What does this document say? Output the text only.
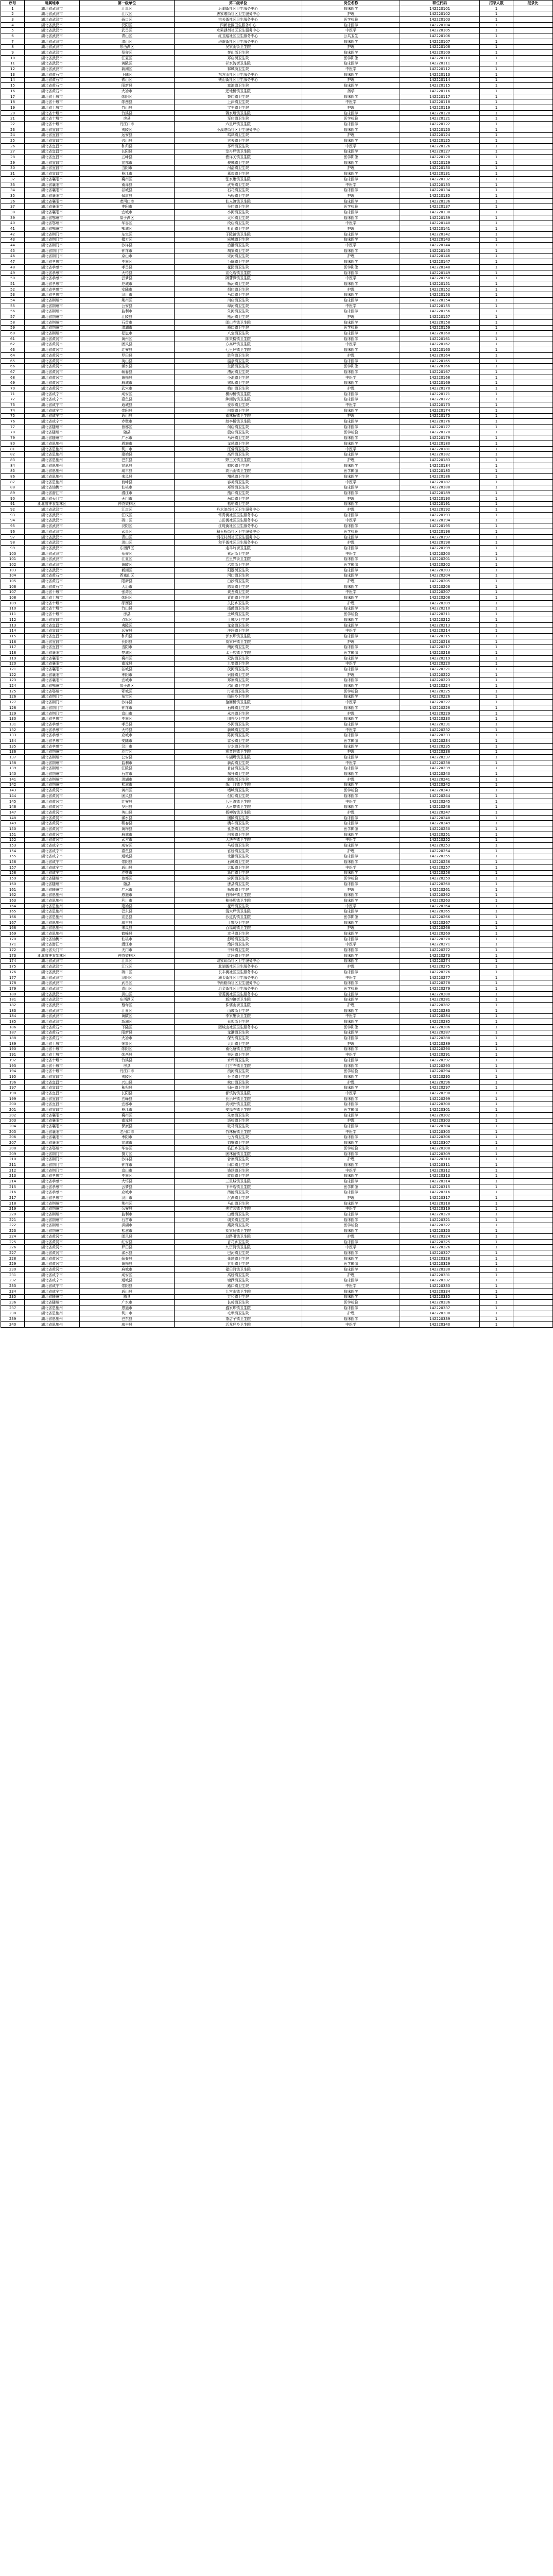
序号	所属地市	第一级单位	第二级单位	岗位名称	职位代码	招录人数	报录比
1	湖北省武汉市	江岸区	后湖街社区卫生服务中心	临床医学	142220101	1	
2	湖北省武汉市	江汉区	唐家墩街社区卫生服务中心	护理	142220102	1	
3	湖北省武汉市	硚口区	宗关街社区卫生服务中心	医学检验	142220103	1	
4	湖北省武汉市	汉阳区	四新社区卫生服务中心	临床医学	142220104	1	
5	湖北省武汉市	武昌区	水果湖街社区卫生服务中心	中医学	142220105	1	
6	湖北省武汉市	青山区	红卫路社区卫生服务中心	公共卫生	142220106	1	
7	湖北省武汉市	洪山区	珞南街社区卫生服务中心	临床医学	142220107	1	
8	湖北省武汉市	东西湖区	吴家山街卫生院	护理	142220108	1	
9	湖北省武汉市	蔡甸区	奓山街卫生院	临床医学	142220109	1	
10	湖北省武汉市	江夏区	郑店街卫生院	医学影像	142220110	1	
11	湖北省武汉市	黄陂区	祁家湾街卫生院	临床医学	142220111	1	
12	湖北省武汉市	新洲区	邾城街卫生院	中医学	142220112	1	
13	湖北省黄石市	下陆区	东方山社区卫生服务中心	临床医学	142220113	1	
14	湖北省黄石市	铁山区	铁山街社区卫生服务中心	护理	142220114	1	
15	湖北省黄石市	阳新县	富池镇卫生院	临床医学	142220115	1	
16	湖北省黄石市	大冶市	还地桥镇卫生院	药学	142220116	1	
17	湖北省十堰市	郧阳区	茶店镇卫生院	临床医学	142220117	1	
18	湖北省十堰市	郧西县	上津镇卫生院	中医学	142220118	1	
19	湖北省十堰市	竹山县	宝丰镇卫生院	护理	142220119	1	
20	湖北省十堰市	竹溪县	蒋家堰镇卫生院	临床医学	142220120	1	
21	湖北省十堰市	房县	军店镇卫生院	医学检验	142220121	1	
22	湖北省十堰市	丹江口市	六里坪镇卫生院	临床医学	142220122	1	
23	湖北省宜昌市	夷陵区	小溪塔街社区卫生服务中心	临床医学	142220123	1	
24	湖北省宜昌市	远安县	鸣凤镇卫生院	护理	142220124	1	
25	湖北省宜昌市	兴山县	古夫镇卫生院	临床医学	142220125	1	
26	湖北省宜昌市	秭归县	茅坪镇卫生院	中医学	142220126	1	
27	湖北省宜昌市	长阳县	龙舟坪镇卫生院	临床医学	142220127	1	
28	湖北省宜昌市	五峰县	渔洋关镇卫生院	医学影像	142220128	1	
29	湖北省宜昌市	宜都市	枝城镇卫生院	临床医学	142220129	1	
30	湖北省宜昌市	当阳市	河溶镇卫生院	护理	142220130	1	
31	湖北省宜昌市	枝江市	董市镇卫生院	临床医学	142220131	1	
32	湖北省襄阳市	襄州区	张家集镇卫生院	临床医学	142220132	1	
33	湖北省襄阳市	南漳县	武安镇卫生院	中医学	142220133	1	
34	湖北省襄阳市	谷城县	石花镇卫生院	临床医学	142220134	1	
35	湖北省襄阳市	保康县	马桥镇卫生院	护理	142220135	1	
36	湖北省襄阳市	老河口市	仙人渡镇卫生院	临床医学	142220136	1	
37	湖北省襄阳市	枣阳市	吴店镇卫生院	医学检验	142220137	1	
38	湖北省襄阳市	宜城市	小河镇卫生院	临床医学	142220138	1	
39	湖北省鄂州市	梁子湖区	太和镇卫生院	临床医学	142220139	1	
40	湖北省鄂州市	华容区	段店镇卫生院	中医学	142220140	1	
41	湖北省鄂州市	鄂城区	杜山镇卫生院	护理	142220141	1	
42	湖北省荆门市	东宝区	子陵铺镇卫生院	临床医学	142220142	1	
43	湖北省荆门市	掇刀区	麻城镇卫生院	临床医学	142220143	1	
44	湖北省荆门市	沙洋县	后港镇卫生院	中医学	142220144	1	
45	湖北省荆门市	钟祥市	胡集镇卫生院	临床医学	142220145	1	
46	湖北省荆门市	京山市	宋河镇卫生院	护理	142220146	1	
47	湖北省孝感市	孝南区	毛陈镇卫生院	临床医学	142220147	1	
48	湖北省孝感市	孝昌县	花园镇卫生院	医学影像	142220148	1	
49	湖北省孝感市	大悟县	宣化店镇卫生院	临床医学	142220149	1	
50	湖北省孝感市	云梦县	隔蒲潭镇卫生院	中医学	142220150	1	
51	湖北省孝感市	应城市	杨河镇卫生院	临床医学	142220151	1	
52	湖北省孝感市	安陆市	烟店镇卫生院	护理	142220152	1	
53	湖北省孝感市	汉川市	马口镇卫生院	临床医学	142220153	1	
54	湖北省荆州市	荆州区	川店镇卫生院	临床医学	142220154	1	
55	湖北省荆州市	公安县	埠河镇卫生院	中医学	142220155	1	
56	湖北省荆州市	监利市	朱河镇卫生院	临床医学	142220156	1	
57	湖北省荆州市	江陵县	熊河镇卫生院	护理	142220157	1	
58	湖北省荆州市	石首市	团山寺镇卫生院	临床医学	142220158	1	
59	湖北省荆州市	洪湖市	峰口镇卫生院	医学检验	142220159	1	
60	湖北省荆州市	松滋市	八宝镇卫生院	临床医学	142220160	1	
61	湖北省黄冈市	黄州区	陈策楼镇卫生院	临床医学	142220161	1	
62	湖北省黄冈市	团风县	方高坪镇卫生院	中医学	142220162	1	
63	湖北省黄冈市	红安县	七里坪镇卫生院	临床医学	142220163	1	
64	湖北省黄冈市	罗田县	胜利镇卫生院	护理	142220164	1	
65	湖北省黄冈市	英山县	温泉镇卫生院	临床医学	142220165	1	
66	湖北省黄冈市	浠水县	兰溪镇卫生院	医学影像	142220166	1	
67	湖北省黄冈市	蕲春县	漕河镇卫生院	临床医学	142220167	1	
68	湖北省黄冈市	黄梅县	小池镇卫生院	中医学	142220168	1	
69	湖北省黄冈市	麻城市	宋埠镇卫生院	临床医学	142220169	1	
70	湖北省黄冈市	武穴市	梅川镇卫生院	护理	142220170	1	
71	湖北省咸宁市	咸安区	横沟桥镇卫生院	临床医学	142220171	1	
72	湖北省咸宁市	嘉鱼县	簰洲湾镇卫生院	临床医学	142220172	1	
73	湖北省咸宁市	通城县	麦市镇卫生院	中医学	142220173	1	
74	湖北省咸宁市	崇阳县	白霓镇卫生院	临床医学	142220174	1	
75	湖北省咸宁市	通山县	南林桥镇卫生院	护理	142220175	1	
76	湖北省咸宁市	赤壁市	赵李桥镇卫生院	临床医学	142220176	1	
77	湖北省随州市	曾都区	何店镇卫生院	临床医学	142220177	1	
78	湖北省随州市	随县	殷店镇卫生院	医学检验	142220178	1	
79	湖北省随州市	广水市	马坪镇卫生院	临床医学	142220179	1	
80	湖北省恩施州	恩施市	龙凤镇卫生院	临床医学	142220180	1	
81	湖北省恩施州	利川市	汪营镇卫生院	中医学	142220181	1	
82	湖北省恩施州	建始县	高坪镇卫生院	临床医学	142220182	1	
83	湖北省恩施州	巴东县	野三关镇卫生院	护理	142220183	1	
84	湖北省恩施州	宣恩县	椒园镇卫生院	临床医学	142220184	1	
85	湖北省恩施州	咸丰县	高乐山镇卫生院	医学影像	142220185	1	
86	湖北省恩施州	来凤县	翔凤镇卫生院	临床医学	142220186	1	
87	湖北省恩施州	鹤峰县	容美镇卫生院	中医学	142220187	1	
88	湖北省仙桃市	仙桃市	郑场镇卫生院	临床医学	142220188	1	
89	湖北省潜江市	潜江市	熊口镇卫生院	临床医学	142220189	1	
90	湖北省天门市	天门市	岳口镇卫生院	护理	142220190	1	
91	湖北省神农架林区	神农架林区	松柏镇卫生院	临床医学	142220191	1	
92	湖北省武汉市	江岸区	丹水池街社区卫生服务中心	护理	142220192	1	
93	湖北省武汉市	江汉区	常青街社区卫生服务中心	临床医学	142220193	1	
94	湖北省武汉市	硚口区	古田街社区卫生服务中心	中医学	142220194	1	
95	湖北省武汉市	汉阳区	江堤街社区卫生服务中心	临床医学	142220195	1	
96	湖北省武汉市	武昌区	积玉桥街社区卫生服务中心	医学检验	142220196	1	
97	湖北省武汉市	青山区	钢花村街社区卫生服务中心	临床医学	142220197	1	
98	湖北省武汉市	洪山区	和平街社区卫生服务中心	护理	142220198	1	
99	湖北省武汉市	东西湖区	走马岭街卫生院	临床医学	142220199	1	
100	湖北省武汉市	蔡甸区	索河街卫生院	中医学	142220200	1	
101	湖北省武汉市	江夏区	五里界街卫生院	临床医学	142220201	1	
102	湖北省武汉市	黄陂区	六指街卫生院	医学影像	142220202	1	
103	湖北省武汉市	新洲区	阳逻街卫生院	临床医学	142220203	1	
104	湖北省黄石市	西塞山区	河口镇卫生院	临床医学	142220204	1	
105	湖北省黄石市	阳新县	白沙镇卫生院	护理	142220205	1	
106	湖北省黄石市	大冶市	陈贵镇卫生院	临床医学	142220206	1	
107	湖北省十堰市	张湾区	黄龙镇卫生院	中医学	142220207	1	
108	湖北省十堰市	郧阳区	青曲镇卫生院	临床医学	142220208	1	
109	湖北省十堰市	郧西县	关防乡卫生院	护理	142220209	1	
110	湖北省十堰市	竹山县	擂鼓镇卫生院	临床医学	142220210	1	
111	湖北省十堰市	房县	土城镇卫生院	医学检验	142220211	1	
112	湖北省宜昌市	点军区	土城乡卫生院	临床医学	142220212	1	
113	湖北省宜昌市	夷陵区	龙泉镇卫生院	临床医学	142220213	1	
114	湖北省宜昌市	远安县	洋坪镇卫生院	中医学	142220214	1	
115	湖北省宜昌市	秭归县	郭家坝镇卫生院	临床医学	142220215	1	
116	湖北省宜昌市	长阳县	贺家坪镇卫生院	护理	142220216	1	
117	湖北省宜昌市	当阳市	两河镇卫生院	临床医学	142220217	1	
118	湖北省襄阳市	樊城区	太平店镇卫生院	医学影像	142220218	1	
119	湖北省襄阳市	襄州区	双沟镇卫生院	临床医学	142220219	1	
120	湖北省襄阳市	南漳县	九集镇卫生院	中医学	142220220	1	
121	湖北省襄阳市	谷城县	茨河镇卫生院	临床医学	142220221	1	
122	湖北省襄阳市	枣阳市	兴隆镇卫生院	护理	142220222	1	
123	湖北省襄阳市	宜城市	郑集镇卫生院	临床医学	142220223	1	
124	湖北省鄂州市	梁子湖区	沼山镇卫生院	临床医学	142220224	1	
125	湖北省鄂州市	鄂城区	汀祖镇卫生院	医学检验	142220225	1	
126	湖北省荆门市	东宝区	仙居乡卫生院	临床医学	142220226	1	
127	湖北省荆门市	沙洋县	拾回桥镇卫生院	中医学	142220227	1	
128	湖北省荆门市	钟祥市	石牌镇卫生院	临床医学	142220228	1	
129	湖北省荆门市	京山市	永兴镇卫生院	护理	142220229	1	
130	湖北省孝感市	孝南区	朋兴乡卫生院	临床医学	142220230	1	
131	湖北省孝感市	孝昌县	小河镇卫生院	临床医学	142220231	1	
132	湖北省孝感市	大悟县	新城镇卫生院	中医学	142220232	1	
133	湖北省孝感市	应城市	陈河镇卫生院	临床医学	142220233	1	
134	湖北省孝感市	安陆市	雷公镇卫生院	医学影像	142220234	1	
135	湖北省孝感市	汉川市	分水镇卫生院	临床医学	142220235	1	
136	湖北省荆州市	沙市区	观音垱镇卫生院	护理	142220236	1	
137	湖北省荆州市	公安县	斗湖堤镇卫生院	临床医学	142220237	1	
138	湖北省荆州市	监利市	新沟镇卫生院	中医学	142220238	1	
139	湖北省荆州市	江陵县	普济镇卫生院	临床医学	142220239	1	
140	湖北省荆州市	石首市	东升镇卫生院	临床医学	142220240	1	
141	湖北省荆州市	洪湖市	新堤街卫生院	护理	142220241	1	
142	湖北省荆州市	松滋市	纸厂河镇卫生院	临床医学	142220242	1	
143	湖北省黄冈市	黄州区	堵城镇卫生院	医学检验	142220243	1	
144	湖北省黄冈市	团风县	但店镇卫生院	临床医学	142220244	1	
145	湖北省黄冈市	红安县	八里湾镇卫生院	中医学	142220245	1	
146	湖北省黄冈市	罗田县	大河岸镇卫生院	临床医学	142220246	1	
147	湖北省黄冈市	英山县	杨柳湾镇卫生院	护理	142220247	1	
148	湖北省黄冈市	浠水县	团陂镇卫生院	临床医学	142220248	1	
149	湖北省黄冈市	蕲春县	横车镇卫生院	临床医学	142220249	1	
150	湖北省黄冈市	黄梅县	孔垄镇卫生院	医学影像	142220250	1	
151	湖北省黄冈市	麻城市	白果镇卫生院	临床医学	142220251	1	
152	湖北省黄冈市	武穴市	大法寺镇卫生院	中医学	142220252	1	
153	湖北省咸宁市	咸安区	马桥镇卫生院	临床医学	142220253	1	
154	湖北省咸宁市	嘉鱼县	官桥镇卫生院	护理	142220254	1	
155	湖北省咸宁市	通城县	北港镇卫生院	临床医学	142220255	1	
156	湖北省咸宁市	崇阳县	石城镇卫生院	临床医学	142220256	1	
157	湖北省咸宁市	通山县	大畈镇卫生院	中医学	142220257	1	
158	湖北省咸宁市	赤壁市	新店镇卫生院	临床医学	142220258	1	
159	湖北省随州市	曾都区	府河镇卫生院	医学检验	142220259	1	
160	湖北省随州市	随县	唐县镇卫生院	临床医学	142220260	1	
161	湖北省随州市	广水市	杨寨镇卫生院	护理	142220261	1	
162	湖北省恩施州	恩施市	白杨坪镇卫生院	临床医学	142220262	1	
163	湖北省恩施州	利川市	柏杨坝镇卫生院	临床医学	142220263	1	
164	湖北省恩施州	建始县	花坪镇卫生院	中医学	142220264	1	
165	湖北省恩施州	巴东县	清太坪镇卫生院	临床医学	142220265	1	
166	湖北省恩施州	宣恩县	沙道沟镇卫生院	医学影像	142220266	1	
167	湖北省恩施州	咸丰县	丁寨乡卫生院	临床医学	142220267	1	
168	湖北省恩施州	来凤县	百福司镇卫生院	护理	142220268	1	
169	湖北省恩施州	鹤峰县	走马镇卫生院	临床医学	142220269	1	
170	湖北省仙桃市	仙桃市	彭场镇卫生院	临床医学	142220270	1	
171	湖北省潜江市	潜江市	渔洋镇卫生院	中医学	142220271	1	
172	湖北省天门市	天门市	干驿镇卫生院	临床医学	142220272	1	
173	湖北省神农架林区	神农架林区	红坪镇卫生院	临床医学	142220273	1	
174	湖北省武汉市	江岸区	谌家矶街社区卫生服务中心	临床医学	142220274	1	
175	湖北省武汉市	江汉区	北湖街社区卫生服务中心	护理	142220275	1	
176	湖北省武汉市	硚口区	长丰街社区卫生服务中心	临床医学	142220276	1	
177	湖北省武汉市	汉阳区	洲头街社区卫生服务中心	中医学	142220277	1	
178	湖北省武汉市	武昌区	中南路街社区卫生服务中心	临床医学	142220278	1	
179	湖北省武汉市	青山区	冶金街社区卫生服务中心	医学检验	142220279	1	
180	湖北省武汉市	洪山区	青菱街社区卫生服务中心	临床医学	142220280	1	
181	湖北省武汉市	东西湖区	新沟镇街卫生院	临床医学	142220281	1	
182	湖北省武汉市	蔡甸区	侏儒山街卫生院	护理	142220282	1	
183	湖北省武汉市	江夏区	山坡街卫生院	临床医学	142220283	1	
184	湖北省武汉市	黄陂区	李家集街卫生院	中医学	142220284	1	
185	湖北省武汉市	新洲区	仓埠街卫生院	临床医学	142220285	1	
186	湖北省黄石市	下陆区	团城山社区卫生服务中心	医学影像	142220286	1	
187	湖北省黄石市	阳新县	龙港镇卫生院	临床医学	142220287	1	
188	湖北省黄石市	大冶市	保安镇卫生院	临床医学	142220288	1	
189	湖北省十堰市	茅箭区	大川镇卫生院	护理	142220289	1	
190	湖北省十堰市	郧阳区	南化塘镇卫生院	临床医学	142220290	1	
191	湖北省十堰市	郧西县	夹河镇卫生院	中医学	142220291	1	
192	湖北省十堰市	竹溪县	水坪镇卫生院	临床医学	142220292	1	
193	湖北省十堰市	房县	门古寺镇卫生院	临床医学	142220293	1	
194	湖北省十堰市	丹江口市	浪河镇卫生院	医学检验	142220294	1	
195	湖北省宜昌市	夷陵区	分乡镇卫生院	临床医学	142220295	1	
196	湖北省宜昌市	兴山县	峡口镇卫生院	护理	142220296	1	
197	湖北省宜昌市	秭归县	归州镇卫生院	临床医学	142220297	1	
198	湖北省宜昌市	长阳县	都镇湾镇卫生院	中医学	142220298	1	
199	湖北省宜昌市	五峰县	长乐坪镇卫生院	临床医学	142220299	1	
200	湖北省宜昌市	宜都市	高坝洲镇卫生院	临床医学	142220300	1	
201	湖北省宜昌市	枝江市	安福寺镇卫生院	医学影像	142220301	1	
202	湖北省襄阳市	襄州区	朱集镇卫生院	临床医学	142220302	1	
203	湖北省襄阳市	南漳县	巡检镇卫生院	护理	142220303	1	
204	湖北省襄阳市	保康县	歇马镇卫生院	临床医学	142220304	1	
205	湖北省襄阳市	老河口市	竹林桥镇卫生院	中医学	142220305	1	
206	湖北省襄阳市	枣阳市	七方镇卫生院	临床医学	142220306	1	
207	湖北省襄阳市	宜城市	刘猴镇卫生院	临床医学	142220307	1	
208	湖北省鄂州市	华容区	临江乡卫生院	医学检验	142220308	1	
209	湖北省荆门市	掇刀区	团林铺镇卫生院	临床医学	142220309	1	
210	湖北省荆门市	沙洋县	曾集镇卫生院	护理	142220310	1	
211	湖北省荆门市	钟祥市	旧口镇卫生院	临床医学	142220311	1	
212	湖北省荆门市	京山市	钱场镇卫生院	中医学	142220312	1	
213	湖北省孝感市	孝南区	陡岗镇卫生院	临床医学	142220313	1	
214	湖北省孝感市	大悟县	三里城镇卫生院	临床医学	142220314	1	
215	湖北省孝感市	云梦县	下辛店镇卫生院	医学影像	142220315	1	
216	湖北省孝感市	应城市	汤池镇卫生院	临床医学	142220316	1	
217	湖北省孝感市	汉川市	沉湖镇卫生院	护理	142220317	1	
218	湖北省荆州市	荆州区	马山镇卫生院	临床医学	142220318	1	
219	湖北省荆州市	公安县	夹竹园镇卫生院	中医学	142220319	1	
220	湖北省荆州市	监利市	白螺镇卫生院	临床医学	142220320	1	
221	湖北省荆州市	石首市	调关镇卫生院	临床医学	142220321	1	
222	湖北省荆州市	洪湖市	燕窝镇卫生院	医学检验	142220322	1	
223	湖北省荆州市	松滋市	刘家场镇卫生院	临床医学	142220323	1	
224	湖北省黄冈市	团风县	总路咀镇卫生院	护理	142220324	1	
225	湖北省黄冈市	红安县	杏花乡卫生院	临床医学	142220325	1	
226	湖北省黄冈市	罗田县	九资河镇卫生院	中医学	142220326	1	
227	湖北省黄冈市	浠水县	巴河镇卫生院	临床医学	142220327	1	
228	湖北省黄冈市	蕲春县	张塝镇卫生院	临床医学	142220328	1	
229	湖北省黄冈市	黄梅县	五祖镇卫生院	医学影像	142220329	1	
230	湖北省黄冈市	麻城市	福田河镇卫生院	临床医学	142220330	1	
231	湖北省咸宁市	咸安区	高桥镇卫生院	护理	142220331	1	
232	湖北省咸宁市	通城县	塘湖镇卫生院	临床医学	142220332	1	
233	湖北省咸宁市	崇阳县	路口镇卫生院	中医学	142220333	1	
234	湖北省咸宁市	通山县	九宫山镇卫生院	临床医学	142220334	1	
235	湖北省随州市	随县	万和镇卫生院	临床医学	142220335	1	
236	湖北省随州市	广水市	长岭镇卫生院	医学检验	142220336	1	
237	湖北省恩施州	恩施市	盛家坝镇卫生院	临床医学	142220337	1	
238	湖北省恩施州	利川市	毛坝镇卫生院	护理	142220338	1	
239	湖北省恩施州	巴东县	茶店子镇卫生院	临床医学	142220339	1	
240	湖北省恩施州	咸丰县	活龙坪乡卫生院	中医学	142220340	1	
